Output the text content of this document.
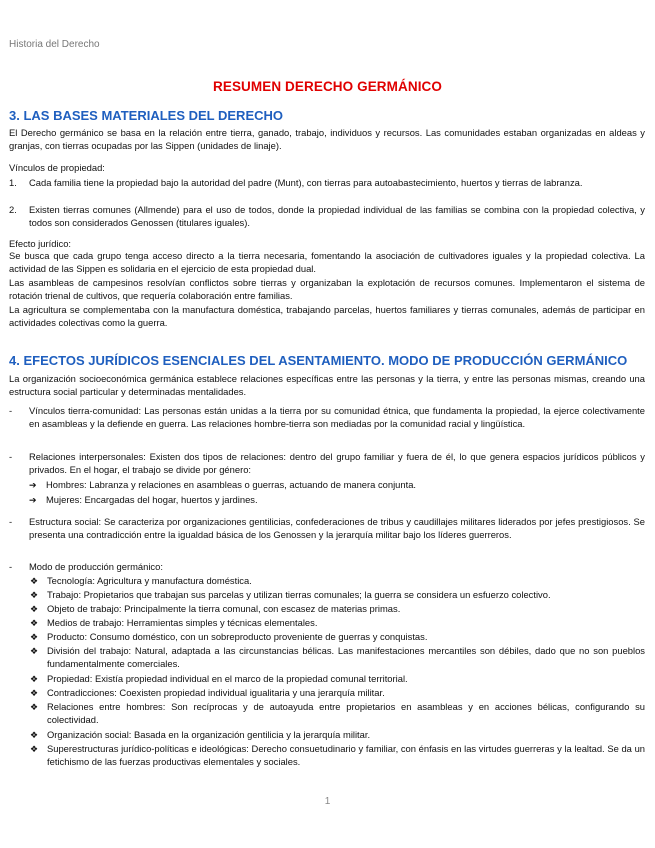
Historia del Derecho
RESUMEN DERECHO GERMÁNICO
3. LAS BASES MATERIALES DEL DERECHO
El Derecho germánico se basa en la relación entre tierra, ganado, trabajo, individuos y recursos. Las comunidades estaban organizadas en aldeas y granjas, con tierras ocupadas por las Sippen (unidades de linaje).
Vínculos de propiedad:
1. Cada familia tiene la propiedad bajo la autoridad del padre (Munt), con tierras para autoabastecimiento, huertos y tierras de labranza.
2. Existen tierras comunes (Allmende) para el uso de todos, donde la propiedad individual de las familias se combina con la propiedad colectiva, y todos son considerados Genossen (titulares iguales).
Efecto jurídico:
Se busca que cada grupo tenga acceso directo a la tierra necesaria, fomentando la asociación de cultivadores iguales y la propiedad colectiva. La actividad de las Sippen es solidaria en el ejercicio de esta propiedad dual.
Las asambleas de campesinos resolvían conflictos sobre tierras y organizaban la explotación de recursos comunes. Implementaron el sistema de rotación trienal de cultivos, que requería colaboración entre familias.
La agricultura se complementaba con la manufactura doméstica, trabajando parcelas, huertos familiares y tierras comunales, además de participar en actividades colectivas como la guerra.
4. EFECTOS JURÍDICOS ESENCIALES DEL ASENTAMIENTO. MODO DE PRODUCCIÓN GERMÁNICO
La organización socioeconómica germánica establece relaciones específicas entre las personas y la tierra, y entre las personas mismas, creando una estructura social particular y determinadas mentalidades.
- Vínculos tierra-comunidad: Las personas están unidas a la tierra por su comunidad étnica, que fundamenta la propiedad, la ejerce colectivamente en asambleas y la defiende en guerra. Las relaciones hombre-tierra son mediadas por la comunidad racial y lingüística.
- Relaciones interpersonales: Existen dos tipos de relaciones: dentro del grupo familiar y fuera de él, lo que genera espacios jurídicos públicos y privados. En el hogar, el trabajo se divide por género:
➔ Hombres: Labranza y relaciones en asambleas o guerras, actuando de manera conjunta.
➔ Mujeres: Encargadas del hogar, huertos y jardines.
- Estructura social: Se caracteriza por organizaciones gentilicias, confederaciones de tribus y caudillajes militares liderados por jefes prestigiosos. Se presenta una contradicción entre la igualdad básica de los Genossen y la jerarquía militar bajo los líderes guerreros.
- Modo de producción germánico:
❖ Tecnología: Agricultura y manufactura doméstica.
❖ Trabajo: Propietarios que trabajan sus parcelas y utilizan tierras comunales; la guerra se considera un esfuerzo colectivo.
❖ Objeto de trabajo: Principalmente la tierra comunal, con escasez de materias primas.
❖ Medios de trabajo: Herramientas simples y técnicas elementales.
❖ Producto: Consumo doméstico, con un sobreproducto proveniente de guerras y conquistas.
❖ División del trabajo: Natural, adaptada a las circunstancias bélicas. Las manifestaciones mercantiles son débiles, dado que no son pueblos fundamentalmente comerciales.
❖ Propiedad: Existía propiedad individual en el marco de la propiedad comunal territorial.
❖ Contradicciones: Coexisten propiedad individual igualitaria y una jerarquía militar.
❖ Relaciones entre hombres: Son recíprocas y de autoayuda entre propietarios en asambleas y en acciones bélicas, configurando su colectividad.
❖ Organización social: Basada en la organización gentilicia y la jerarquía militar.
❖ Superestructuras jurídico-políticas e ideológicas: Derecho consuetudinario y familiar, con énfasis en las virtudes guerreras y la lealtad. Se da un fetichismo de las fuerzas productivas elementales y sociales.
1
